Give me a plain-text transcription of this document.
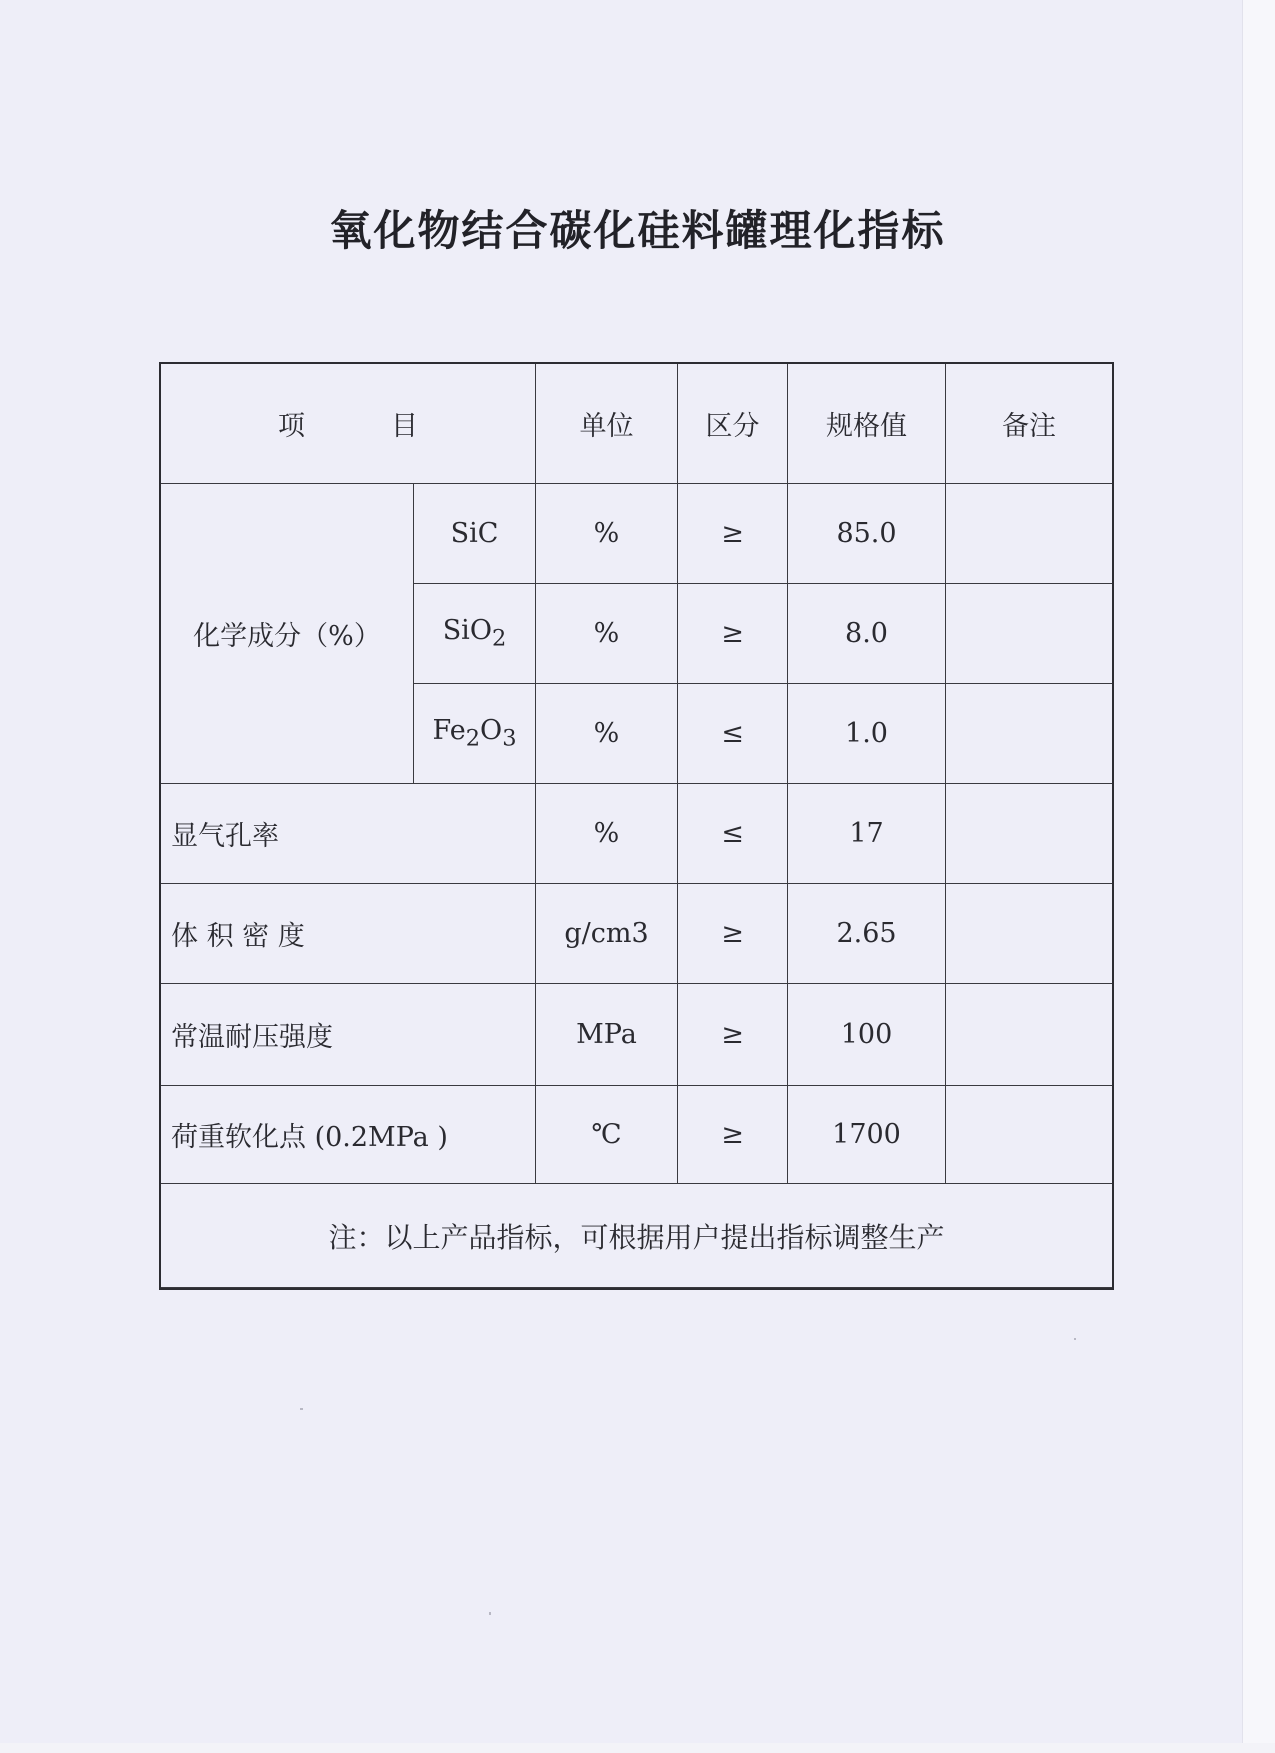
氧化物结合碳化硅料罐理化指标
项 目		单位	区分	规格值	备注
化学成分（%）	SiC	%	≥	85.0	
	SiO$_2$	%	≥	8.0	
	$Fe_2O_3$	%	≤	1.0	
显气孔率		%	≤	17	
体 积 密 度		g/cm3	≥	2.65	
常温耐压强度		MPa	≥	100	
荷重软化点 (0.2MPa )		℃	≥	1700	
注：以上产品指标，可根据用户提出指标调整生产					
